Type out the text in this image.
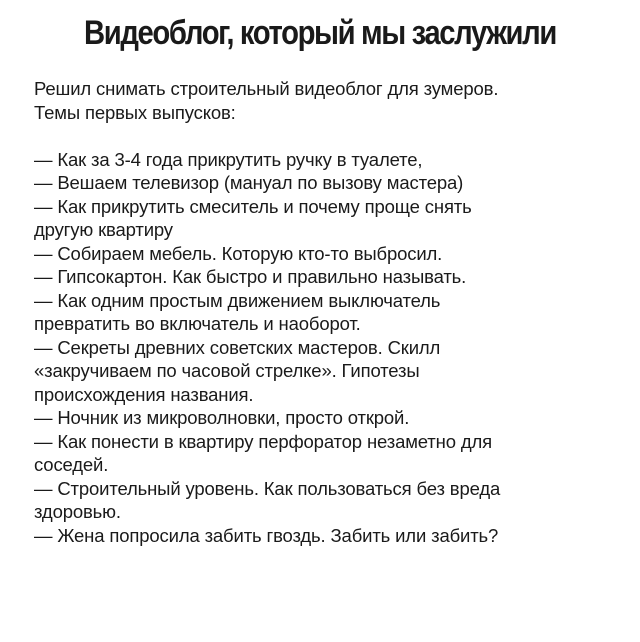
Видеоблог, который мы заслужили

Решил снимать строительный видеоблог для зумеров.
Темы первых выпусков:

— Как за 3-4 года прикрутить ручку в туалете,
— Вешаем телевизор (мануал по вызову мастера)
— Как прикрутить смеситель и почему проще снять
другую квартиру
— Собираем мебель. Которую кто-то выбросил.
— Гипсокартон. Как быстро и правильно называть.
— Как одним простым движением выключатель
превратить во включатель и наоборот.
— Секреты древних советских мастеров. Скилл
«закручиваем по часовой стрелке». Гипотезы
происхождения названия.
— Ночник из микроволновки, просто открой.
— Как понести в квартиру перфоратор незаметно для
соседей.
— Строительный уровень. Как пользоваться без вреда
здоровью.
— Жена попросила забить гвоздь. Забить или забить?
